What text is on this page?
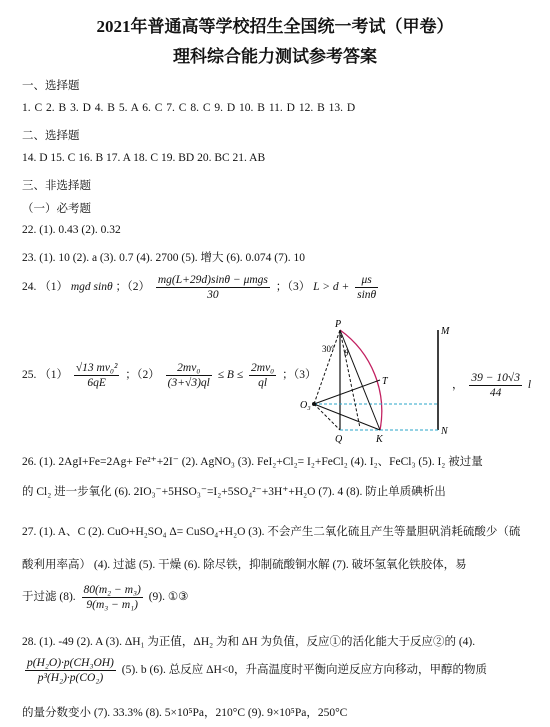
2021年普通高等学校招生全国统一考试（甲卷）
理科综合能力测试参考答案
一、选择题
1. C 2. B 3. D 4. B 5. A 6. C 7. C 8. C 9. D 10. B 11. D 12. B 13. D
二、选择题
14. D 15. C 16. B 17. A 18. C 19. BD 20. BC 21. AB
三、非选择题
（一）必考题
22. (1). 0.43 (2). 0.32
23. (1). 10 (2). a (3). 0.7 (4). 2700 (5). 增大 (6). 0.074 (7). 10
24. （1） mgd sinθ ；$(2) \frac{\text{mg(L+29d)sinθ − μmgs}}{30}$ ；（3） $L > d + \frac{\mu s}{\sin\theta}$
25. $(1) \frac{\text{√13 mv₀²}}{6qE}$ ；$(2) \frac{\text{2mv₀}}{(3+√3)ql} \le B \le \frac{\text{2mv₀}}{ql}$ ；（3）
P
M
T
O₃
Q	K
N
30° θ
， $\frac{39 - 10√3}{44}$ l
26. (1). 2AgI+Fe=2Ag+ Fe²⁺+2I⁻ (2). AgNO₃ (3). FeI₂+Cl₂= I₂+FeCl₂ (4). I₂、FeCl₃ (5). I₂ 被过量
的 Cl₂ 进一步氧化 (6). 2IO₃⁻+5HSO₃⁻=I₂+5SO₄²⁻+3H⁺+H₂O (7). 4 (8). 防止单质碘析出
27. (1). A、C (2). CuO+H₂SO₄ Δ= CuSO₄+H₂O (3). 不会产生二氧化硫且产生等量胆矾消耗硫酸少（硫
酸利用率高） (4). 过滤 (5). 干燥 (6). 除尽铁，抑制硫酸铜水解 (7). 破坏氢氧化铁胶体，易
于过滤 (8). $\frac{\text{80(m₂ − m₃)}}{\text{9(m₃ − m₁)}} (9)$. ①③
28. (1). -49 (2). A (3). ΔH₁ 为正值，ΔH₂ 为和 ΔH 为负值，反应①的活化能大于反应②的 (4).
$\frac{\text{p(H₂O)·p(CH₃OH)}}{\text{p³(H₂)·p(CO₂)}} (5)$. b (6). 总反应 ΔH<0，升高温度时平衡向逆反应方向移动，甲醇的物质
的量分数变小 (7). 33.3% (8). 5×10⁵Pa，210°C (9). 9×10⁵Pa，250°C
